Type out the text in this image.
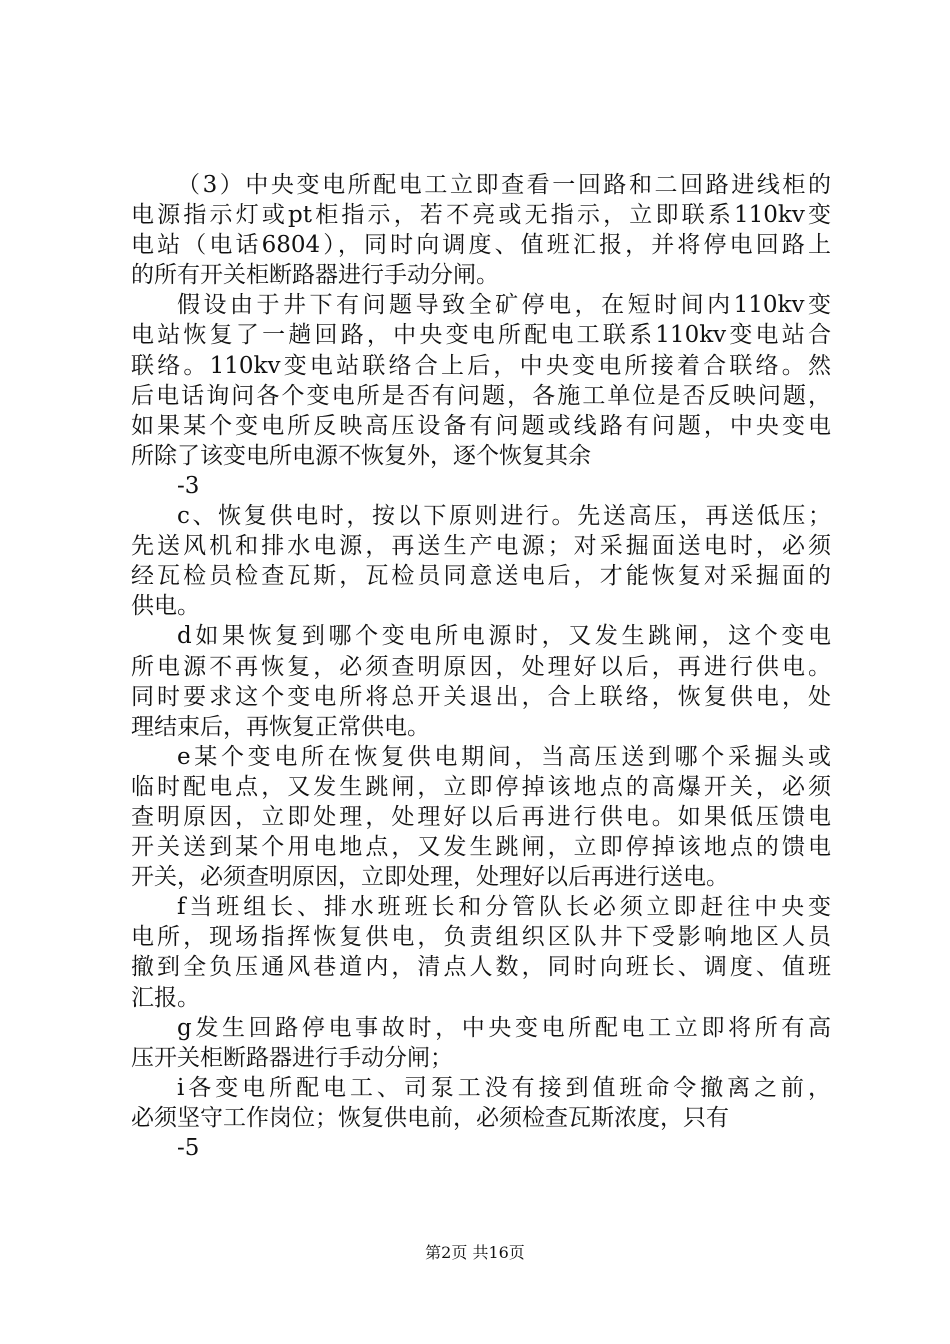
（3）中央变电所配电工立即查看一回路和二回路进线柜的
电源指示灯或pt柜指示，若不亮或无指示，立即联系110kv变
电站（电话6804），同时向调度、值班汇报，并将停电回路上
的所有开关柜断路器进行手动分闸。
假设由于井下有问题导致全矿停电，在短时间内110kv变
电站恢复了一趟回路，中央变电所配电工联系110kv变电站合
联络。110kv变电站联络合上后，中央变电所接着合联络。然
后电话询问各个变电所是否有问题，各施工单位是否反映问题，
如果某个变电所反映高压设备有问题或线路有问题，中央变电
所除了该变电所电源不恢复外，逐个恢复其余
-3
c、恢复供电时，按以下原则进行。先送高压，再送低压；
先送风机和排水电源，再送生产电源；对采掘面送电时，必须
经瓦检员检查瓦斯，瓦检员同意送电后，才能恢复对采掘面的
供电。
d如果恢复到哪个变电所电源时，又发生跳闸，这个变电
所电源不再恢复，必须查明原因，处理好以后，再进行供电。
同时要求这个变电所将总开关退出，合上联络，恢复供电，处
理结束后，再恢复正常供电。
e某个变电所在恢复供电期间，当高压送到哪个采掘头或
临时配电点，又发生跳闸，立即停掉该地点的高爆开关，必须
查明原因，立即处理，处理好以后再进行供电。如果低压馈电
开关送到某个用电地点，又发生跳闸，立即停掉该地点的馈电
开关，必须查明原因，立即处理，处理好以后再进行送电。
f当班组长、排水班班长和分管队长必须立即赶往中央变
电所，现场指挥恢复供电，负责组织区队井下受影响地区人员
撤到全负压通风巷道内，清点人数，同时向班长、调度、值班
汇报。
g发生回路停电事故时，中央变电所配电工立即将所有高
压开关柜断路器进行手动分闸；
i各变电所配电工、司泵工没有接到值班命令撤离之前，
必须坚守工作岗位；恢复供电前，必须检查瓦斯浓度，只有
-5
第2页 共16页
